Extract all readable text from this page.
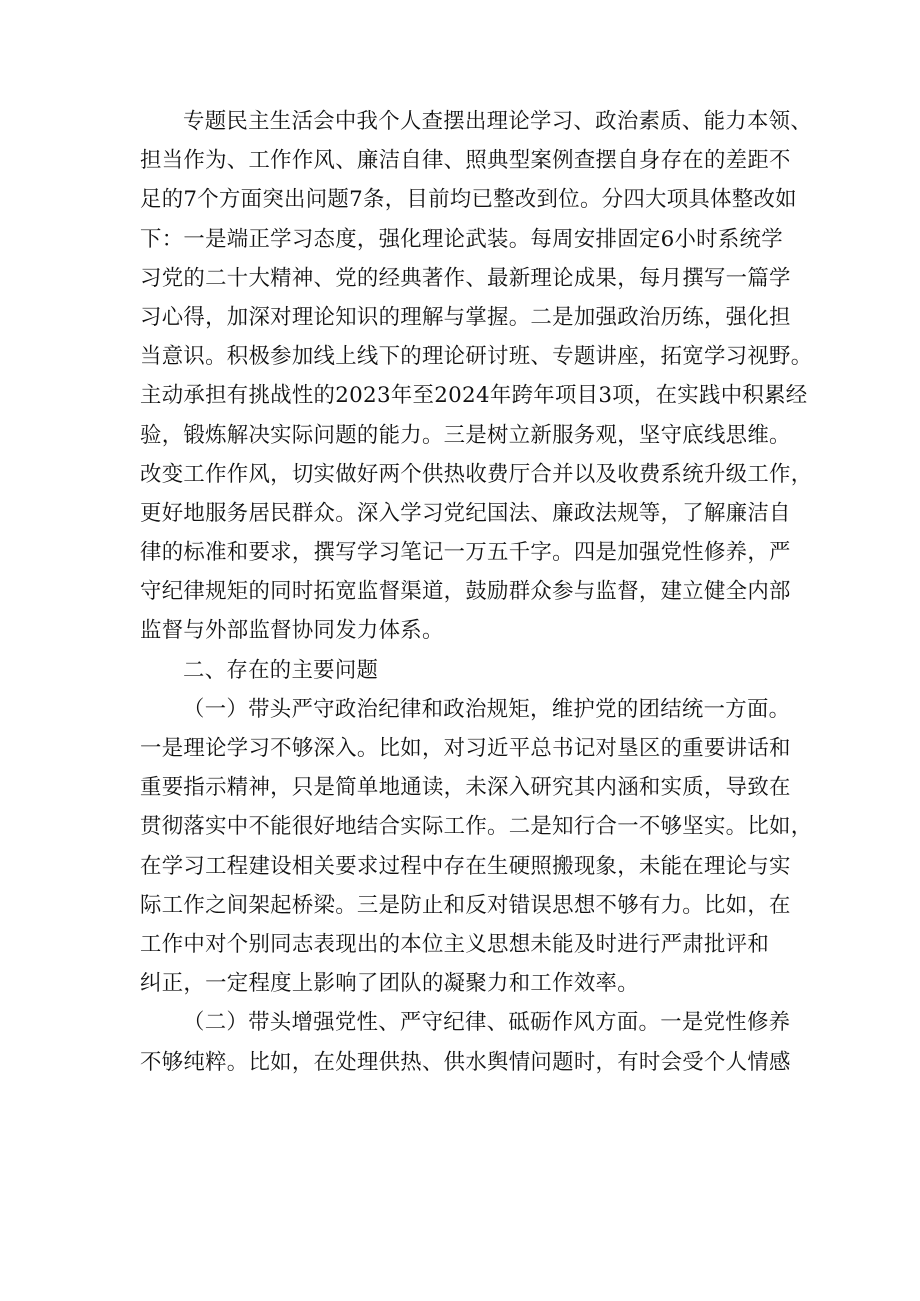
专题民主生活会中我个人查摆出理论学习、政治素质、能力本领、
担当作为、工作作风、廉洁自律、照典型案例查摆自身存在的差距不
足的7个方面突出问题7条，目前均已整改到位。分四大项具体整改如
下：一是端正学习态度，强化理论武装。每周安排固定6小时系统学
习党的二十大精神、党的经典著作、最新理论成果，每月撰写一篇学
习心得，加深对理论知识的理解与掌握。二是加强政治历练，强化担
当意识。积极参加线上线下的理论研讨班、专题讲座，拓宽学习视野。
主动承担有挑战性的2023年至2024年跨年项目3项，在实践中积累经
验，锻炼解决实际问题的能力。三是树立新服务观，坚守底线思维。
改变工作作风，切实做好两个供热收费厅合并以及收费系统升级工作，
更好地服务居民群众。深入学习党纪国法、廉政法规等，了解廉洁自
律的标准和要求，撰写学习笔记一万五千字。四是加强党性修养，严
守纪律规矩的同时拓宽监督渠道，鼓励群众参与监督，建立健全内部
监督与外部监督协同发力体系。
二、存在的主要问题
（一）带头严守政治纪律和政治规矩，维护党的团结统一方面。
一是理论学习不够深入。比如，对习近平总书记对垦区的重要讲话和
重要指示精神，只是简单地通读，未深入研究其内涵和实质，导致在
贯彻落实中不能很好地结合实际工作。二是知行合一不够坚实。比如，
在学习工程建设相关要求过程中存在生硬照搬现象，未能在理论与实
际工作之间架起桥梁。三是防止和反对错误思想不够有力。比如，在
工作中对个别同志表现出的本位主义思想未能及时进行严肃批评和
纠正，一定程度上影响了团队的凝聚力和工作效率。
（二）带头增强党性、严守纪律、砥砺作风方面。一是党性修养
不够纯粹。比如，在处理供热、供水舆情问题时，有时会受个人情感
